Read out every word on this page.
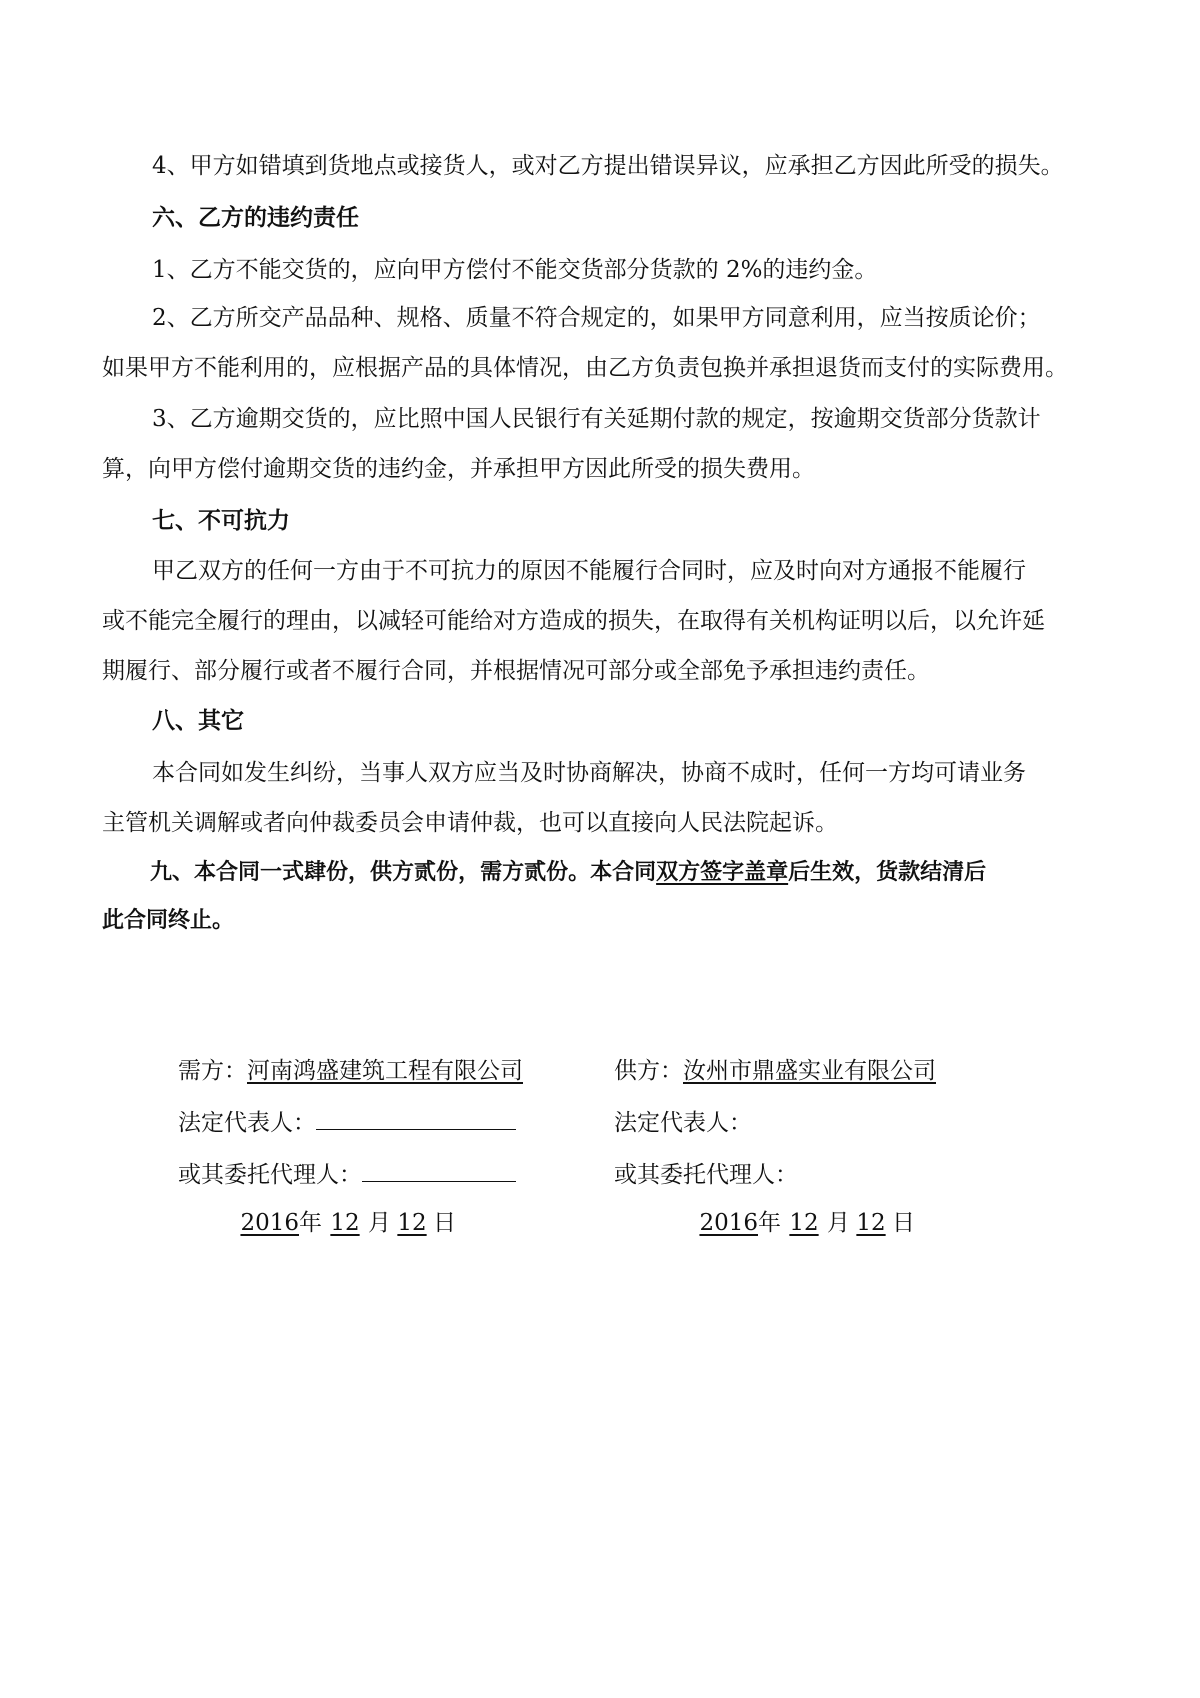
4、甲方如错填到货地点或接货人，或对乙方提出错误异议，应承担乙方因此所受的损失。
六、乙方的违约责任
1、乙方不能交货的，应向甲方偿付不能交货部分货款的 2%的违约金。
2、乙方所交产品品种、规格、质量不符合规定的，如果甲方同意利用，应当按质论价；
如果甲方不能利用的，应根据产品的具体情况，由乙方负责包换并承担退货而支付的实际费用。
3、乙方逾期交货的，应比照中国人民银行有关延期付款的规定，按逾期交货部分货款计
算，向甲方偿付逾期交货的违约金，并承担甲方因此所受的损失费用。
七、不可抗力
甲乙双方的任何一方由于不可抗力的原因不能履行合同时，应及时向对方通报不能履行
或不能完全履行的理由，以减轻可能给对方造成的损失，在取得有关机构证明以后，以允许延
期履行、部分履行或者不履行合同，并根据情况可部分或全部免予承担违约责任。
八、其它
本合同如发生纠纷，当事人双方应当及时协商解决，协商不成时，任何一方均可请业务
主管机关调解或者向仲裁委员会申请仲裁，也可以直接向人民法院起诉。
九、本合同一式肆份，供方贰份，需方贰份。本合同双方签字盖章后生效，货款结清后
此合同终止。
需方：河南鸿盛建筑工程有限公司
法定代表人：
或其委托代理人：
2016年 12 月 12 日
供方：汝州市鼎盛实业有限公司
法定代表人：
或其委托代理人：
2016年 12 月 12 日
